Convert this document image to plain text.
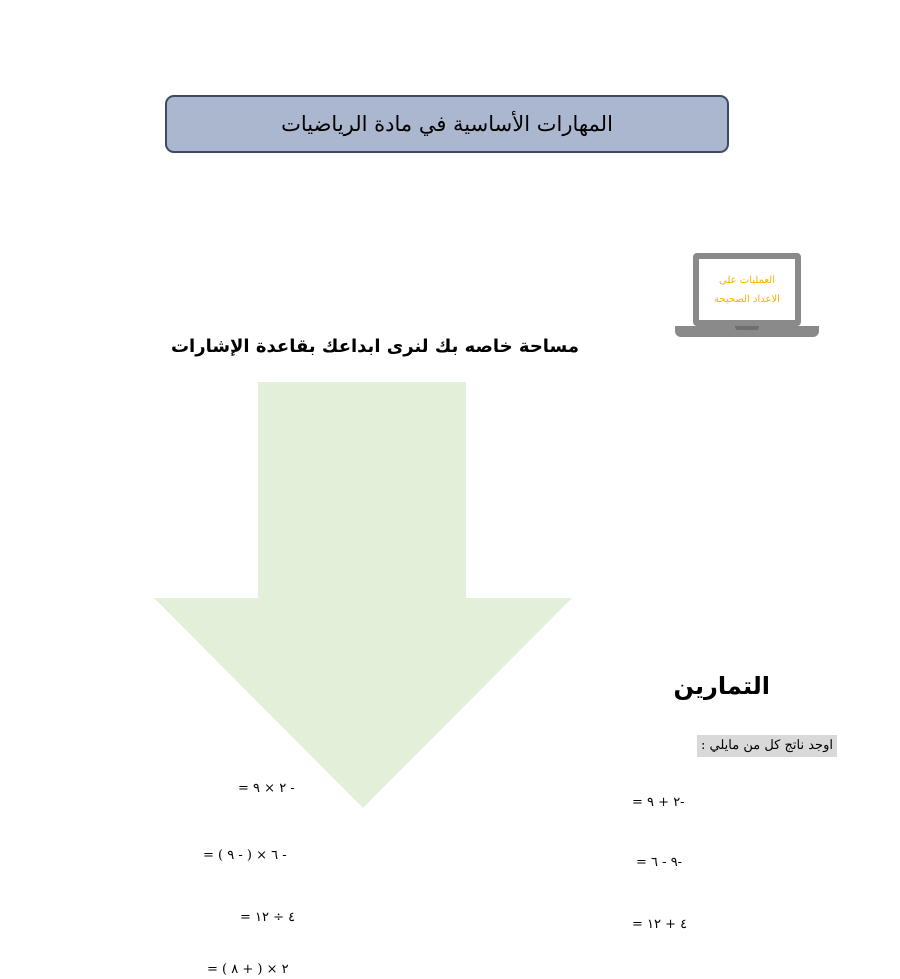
المهارات الأساسية في مادة الرياضيات
العمليات على
الاعداد الصحيحة
مساحة خاصه بك لنرى ابداعك بقاعدة الإشارات
التمارين
اوجد ناتج كل من مايلي :
= ٢ + ٩-
= ٩ - ٦-
= ٤ + ١٢
= ٢ × ٩ -
= ( ٩ - ) × ٦ -
= ٤ ÷ ١٢
= ( ٨ + ) × ٢
